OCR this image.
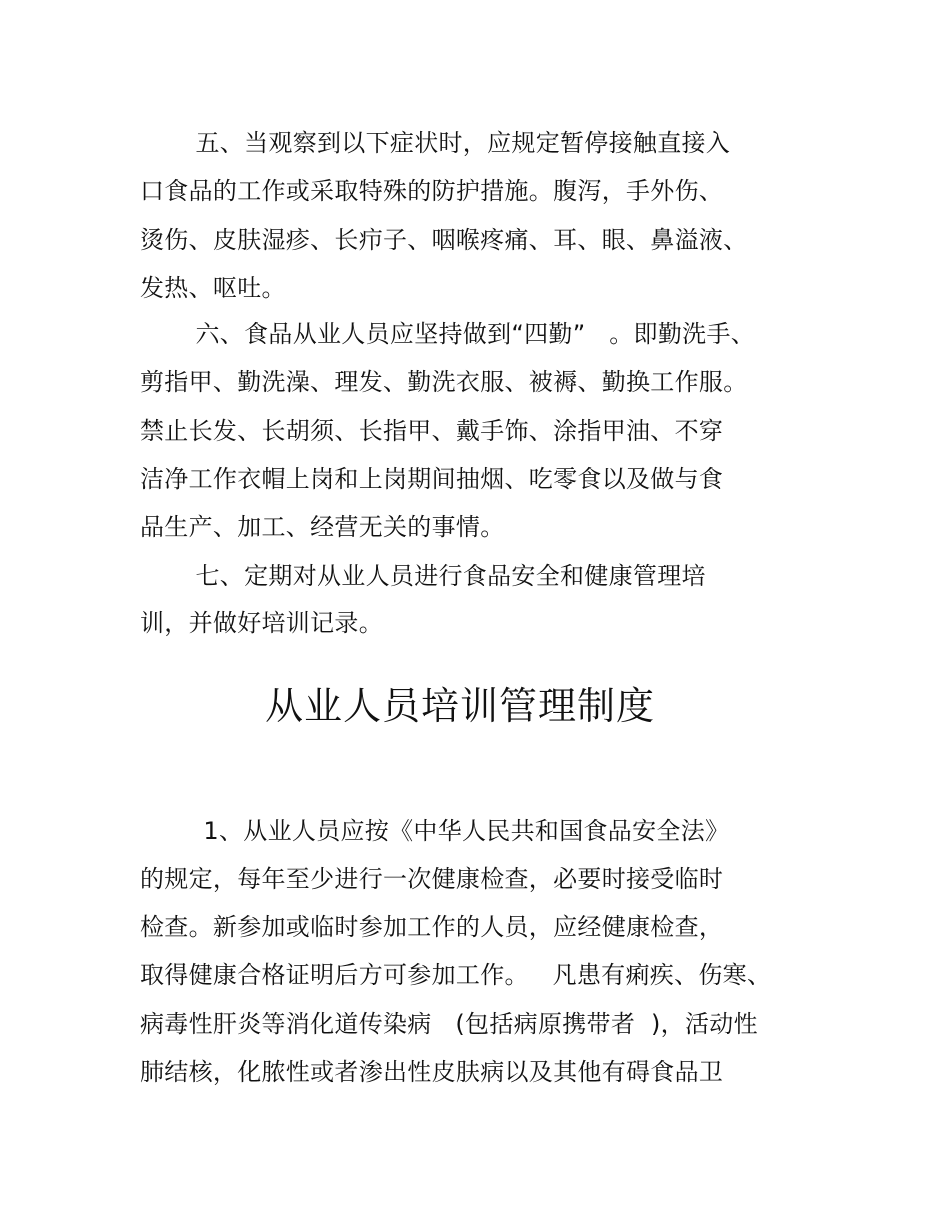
五、当观察到以下症状时，应规定暂停接触直接入
口食品的工作或采取特殊的防护措施。腹泻，手外伤、
烫伤、皮肤湿疹、长疖子、咽喉疼痛、耳、眼、鼻溢液、
发热、呕吐。
六、食品从业人员应坚持做到“四勤”   。即勤洗手、
剪指甲、勤洗澡、理发、勤洗衣服、被褥、勤换工作服。
禁止长发、长胡须、长指甲、戴手饰、涂指甲油、不穿
洁净工作衣帽上岗和上岗期间抽烟、吃零食以及做与食
品生产、加工、经营无关的事情。
七、定期对从业人员进行食品安全和健康管理培
训，并做好培训记录。
从业人员培训管理制度
1、从业人员应按《中华人民共和国食品安全法》
的规定，每年至少进行一次健康检查，必要时接受临时
检查。新参加或临时参加工作的人员，应经健康检查，
取得健康合格证明后方可参加工作。   凡患有痢疾、伤寒、
病毒性肝炎等消化道传染病   (包括病原携带者  )，活动性
肺结核，化脓性或者渗出性皮肤病以及其他有碍食品卫
